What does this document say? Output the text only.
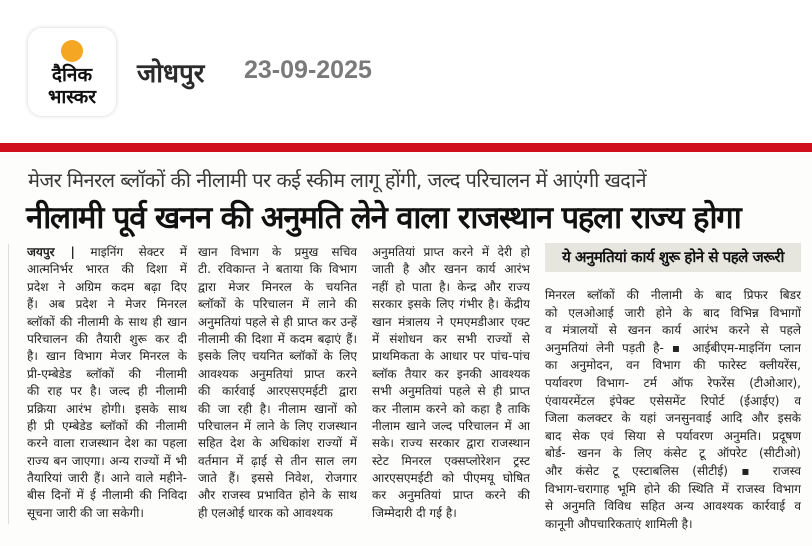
दैनिक
भास्कर
जोधपुर 23-09-2025
मेजर मिनरल ब्लॉकों की नीलामी पर कई स्कीम लागू होंगी, जल्द परिचालन में आएंगी खदानें
नीलामी पूर्व खनन की अनुमति लेने वाला राजस्थान पहला राज्य होगा
जयपुर | माइनिंग सेक्टर में
आत्मनिर्भर भारत की दिशा में
प्रदेश ने अग्रिम कदम बढ़ा दिए
हैं। अब प्रदेश ने मेजर मिनरल
ब्लॉकों की नीलामी के साथ ही खान
परिचालन की तैयारी शुरू कर दी
है। खान विभाग मेजर मिनरल के
प्री-एम्बेडेड ब्लॉकों की नीलामी
की राह पर है। जल्द ही नीलामी
प्रक्रिया आरंभ होगी। इसके साथ
ही प्री एम्बेडेड ब्लॉकों की नीलामी
करने वाला राजस्थान देश का पहला
राज्य बन जाएगा। अन्य राज्यों में भी
तैयारियां जारी हैं। आने वाले महीने-
बीस दिनों में ई नीलामी की निविदा
सूचना जारी की जा सकेगी।
खान विभाग के प्रमुख सचिव
टी. रविकान्त ने बताया कि विभाग
द्वारा मेजर मिनरल के चयनित
ब्लॉकों के परिचालन में लाने की
अनुमतियां पहले से ही प्राप्त कर उन्हें
नीलामी की दिशा में कदम बढ़ाएं हैं।
इसके लिए चयनित ब्लॉकों के लिए
आवश्यक अनुमतियां प्राप्त करने
की कार्रवाई आरएसएमईटी द्वारा
की जा रही है। नीलाम खानों को
परिचालन में लाने के लिए राजस्थान
सहित देश के अधिकांश राज्यों में
वर्तमान में ढ़ाई से तीन साल लग
जाते हैं। इससे निवेश, रोजगार
और राजस्व प्रभावित होने के साथ
ही एलओई धारक को आवश्यक
अनुमतियां प्राप्त करने में देरी हो
जाती है और खनन कार्य आरंभ
नहीं हो पाता है। केन्द्र और राज्य
सरकार इसके लिए गंभीर है। केंद्रीय
खान मंत्रालय ने एमएमडीआर एक्ट
में संशोधन कर सभी राज्यों से
प्राथमिकता के आधार पर पांच-पांच
ब्लॉक तैयार कर इनकी आवश्यक
सभी अनुमतियां पहले से ही प्राप्त
कर नीलाम करने को कहा है ताकि
नीलाम खाने जल्द परिचालन में आ
सके। राज्य सरकार द्वारा राजस्थान
स्टेट मिनरल एक्सप्लोरेशन ट्रस्ट
आरएसएमईटी को पीएमयू घोषित
कर अनुमतियां प्राप्त करने की
जिम्मेदारी दी गई है।
ये अनुमतियां कार्य शुरू होने से पहले जरूरी
मिनरल ब्लॉकों की नीलामी के बाद प्रिफर बिडर
को एलओआई जारी होने के बाद विभिन्न विभागों
व मंत्रालयों से खनन कार्य आरंभ करने से पहले
अनुमतियां लेनी पड़ती है- ▪ आईबीएम-माइनिंग प्लान
का अनुमोदन, वन विभाग की फारेस्ट क्लीयरेंस,
पर्यावरण विभाग- टर्म ऑफ रेफरेंस (टीओआर),
एंवायरमेंटल इंपेक्ट एसेसमेंट रिपोर्ट (ईआईए) व
जिला कलक्टर के यहां जनसुनवाई आदि और इसके
बाद सेक एवं सिया से पर्यावरण अनुमति। प्रदूषण
बोर्ड- खनन के लिए कंसेट टू ऑपरेट (सीटीओ)
और कंसेट टू एस्टाबलिस (सीटीई) ▪ राजस्व
विभाग-चरागाह भूमि होने की स्थिति में राजस्व विभाग
से अनुमति विविध सहित अन्य आवश्यक कार्रवाई व
कानूनी औपचारिकताएं शामिली है।
